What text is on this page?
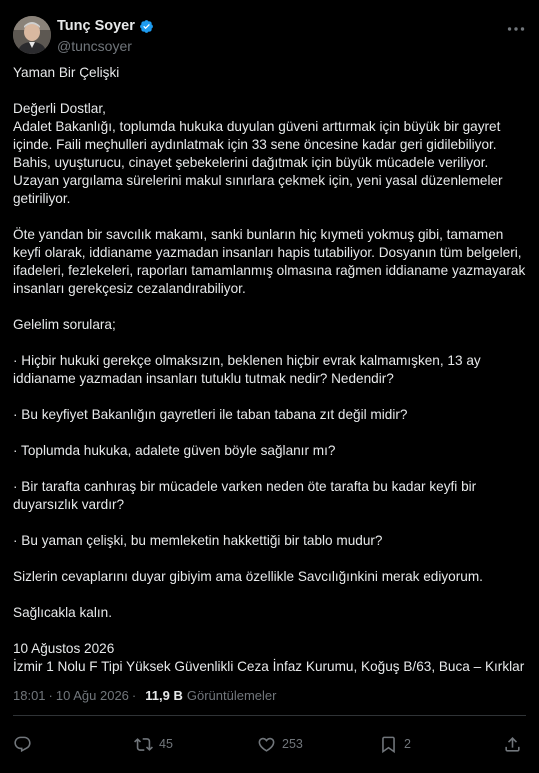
Tunç Soyer
@tuncsoyer
Yaman Bir Çelişki

Değerli Dostlar,
Adalet Bakanlığı, toplumda hukuka duyulan güveni arttırmak için büyük bir gayret içinde. Faili meçhulleri aydınlatmak için 33 sene öncesine kadar geri gidilebiliyor. Bahis, uyuşturucu, cinayet şebekelerini dağıtmak için büyük mücadele veriliyor. Uzayan yargılama sürelerini makul sınırlara çekmek için, yeni yasal düzenlemeler getiriliyor.

Öte yandan bir savcılık makamı, sanki bunların hiç kıymeti yokmuş gibi, tamamen keyfi olarak, iddianame yazmadan insanları hapis tutabiliyor. Dosyanın tüm belgeleri, ifadeleri, fezlekeleri, raporları tamamlanmış olmasına rağmen iddianame yazmayarak insanları gerekçesiz cezalandırabiliyor.

Gelelim sorulara;

· Hiçbir hukuki gerekçe olmaksızın, beklenen hiçbir evrak kalmamışken, 13 ay iddianame yazmadan insanları tutuklu tutmak nedir? Nedendir?

· Bu keyfiyet Bakanlığın gayretleri ile taban tabana zıt değil midir?

· Toplumda hukuka, adalete güven böyle sağlanır mı?

· Bir tarafta canhıraş bir mücadele varken neden öte tarafta bu kadar keyfi bir duyarsızlık vardır?

· Bu yaman çelişki, bu memleketin hakkettiği bir tablo mudur?

Sizlerin cevaplarını duyar gibiyim ama özellikle Savcılığınkini merak ediyorum.

Sağlıcakla kalın.

10 Ağustos 2026
İzmir 1 Nolu F Tipi Yüksek Güvenlikli Ceza İnfaz Kurumu, Koğuş B/63, Buca – Kırklar
18:01 · 10 Ağu 2026 · 11,9 B Görüntülemeler
45	253	2
